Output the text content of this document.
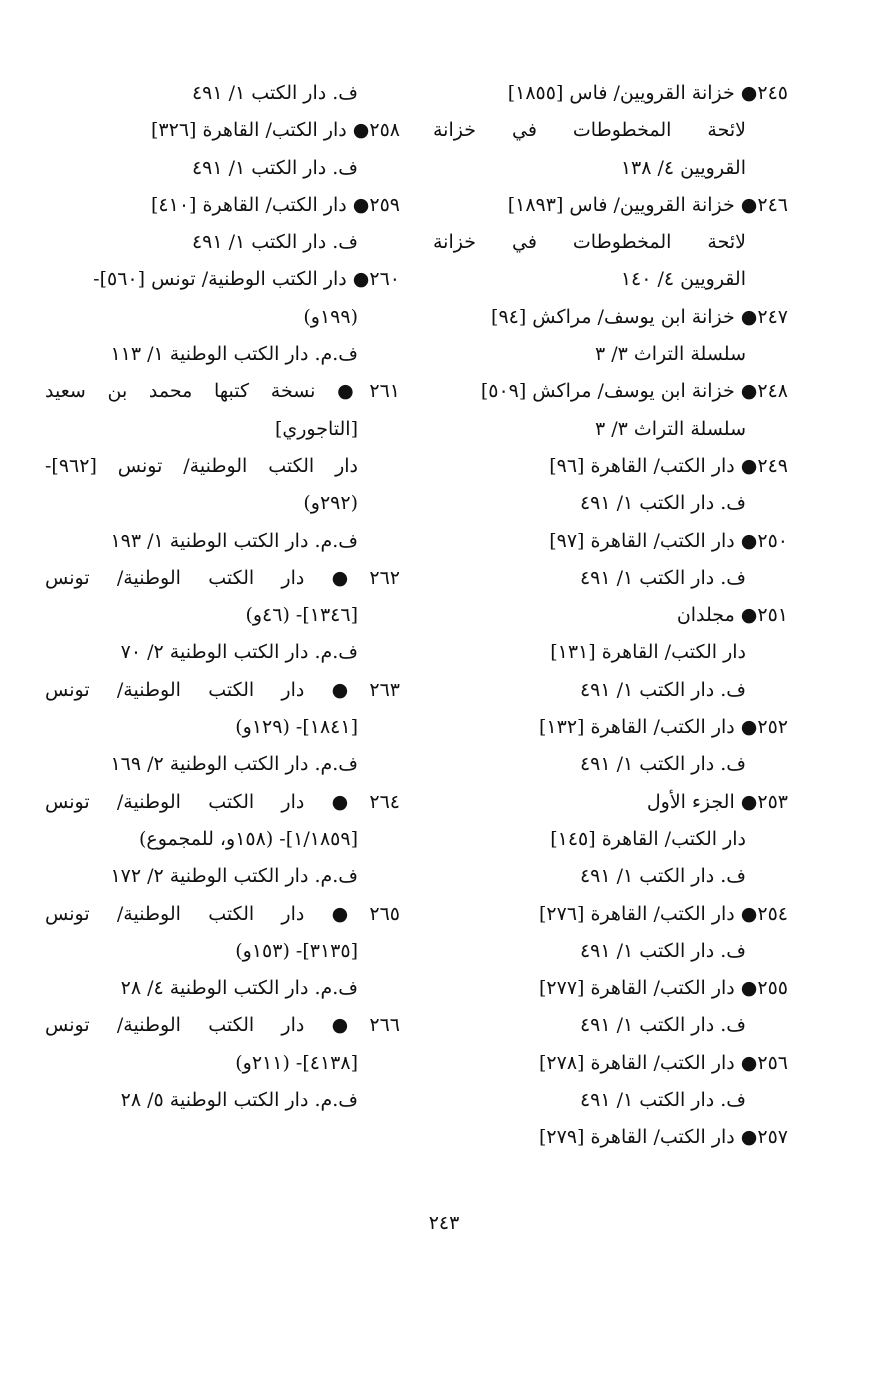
٢٤٥● خزانة القرويين/ فاس [١٨٥٥]
لائحة المخطوطات في خزانة
القرويين ٤/ ١٣٨
٢٤٦● خزانة القرويين/ فاس [١٨٩٣]
لائحة المخطوطات في خزانة
القرويين ٤/ ١٤٠
٢٤٧● خزانة ابن يوسف/ مراكش [٩٤]
سلسلة التراث ٣/ ٣
٢٤٨● خزانة ابن يوسف/ مراكش [٥٠٩]
سلسلة التراث ٣/ ٣
٢٤٩● دار الكتب/ القاهرة [٩٦]
ف. دار الكتب ١/ ٤٩١
٢٥٠● دار الكتب/ القاهرة [٩٧]
ف. دار الكتب ١/ ٤٩١
٢٥١● مجلدان
دار الكتب/ القاهرة [١٣١]
ف. دار الكتب ١/ ٤٩١
٢٥٢● دار الكتب/ القاهرة [١٣٢]
ف. دار الكتب ١/ ٤٩١
٢٥٣● الجزء الأول
دار الكتب/ القاهرة [١٤٥]
ف. دار الكتب ١/ ٤٩١
٢٥٤● دار الكتب/ القاهرة [٢٧٦]
ف. دار الكتب ١/ ٤٩١
٢٥٥● دار الكتب/ القاهرة [٢٧٧]
ف. دار الكتب ١/ ٤٩١
٢٥٦● دار الكتب/ القاهرة [٢٧٨]
ف. دار الكتب ١/ ٤٩١
٢٥٧● دار الكتب/ القاهرة [٢٧٩]
ف. دار الكتب ١/ ٤٩١
٢٥٨● دار الكتب/ القاهرة [٣٢٦]
ف. دار الكتب ١/ ٤٩١
٢٥٩● دار الكتب/ القاهرة [٤١٠]
ف. دار الكتب ١/ ٤٩١
٢٦٠● دار الكتب الوطنية/ تونس [٥٦٠]-
(١٩٩و)
ف.م. دار الكتب الوطنية ١/ ١١٣
٢٦١● نسخة كتبها محمد بن سعيد
[التاجوري]
دار الكتب الوطنية/ تونس [٩٦٢]-
(٢٩٢و)
ف.م. دار الكتب الوطنية ١/ ١٩٣
٢٦٢● دار الكتب الوطنية/ تونس
[١٣٤٦]- (٤٦و)
ف.م. دار الكتب الوطنية ٢/ ٧٠
٢٦٣● دار الكتب الوطنية/ تونس
[١٨٤١]- (١٢٩و)
ف.م. دار الكتب الوطنية ٢/ ١٦٩
٢٦٤● دار الكتب الوطنية/ تونس
[١/١٨٥٩]- (١٥٨و، للمجموع)
ف.م. دار الكتب الوطنية ٢/ ١٧٢
٢٦٥● دار الكتب الوطنية/ تونس
[٣١٣٥]- (١٥٣و)
ف.م. دار الكتب الوطنية ٤/ ٢٨
٢٦٦● دار الكتب الوطنية/ تونس
[٤١٣٨]- (٢١١و)
ف.م. دار الكتب الوطنية ٥/ ٢٨
٢٤٣
